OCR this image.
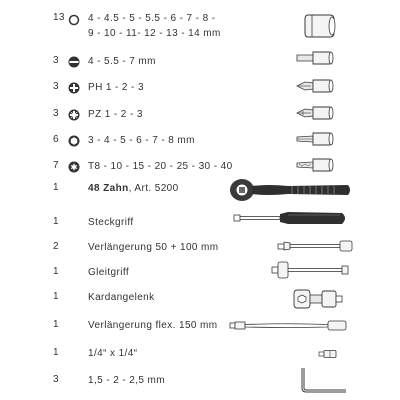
13	4 - 4.5 - 5 - 5.5 - 6 - 7 - 8 -
9 - 10 - 11- 12 - 13 - 14 mm
3	4 - 5.5 - 7 mm
3	PH 1 - 2 - 3
3	PZ 1 - 2 - 3
6	3 - 4 - 5 - 6 - 7 - 8 mm
7	T8 - 10 - 15 - 20 - 25 - 30 - 40
1	48 Zahn, Art. 5200
1	Steckgriff
2	Verlängerung 50 + 100 mm
1	Gleitgriff
1	Kardangelenk
1	Verlängerung flex. 150 mm
1	1/4“ x 1/4“
3	1,5 - 2 - 2,5 mm
